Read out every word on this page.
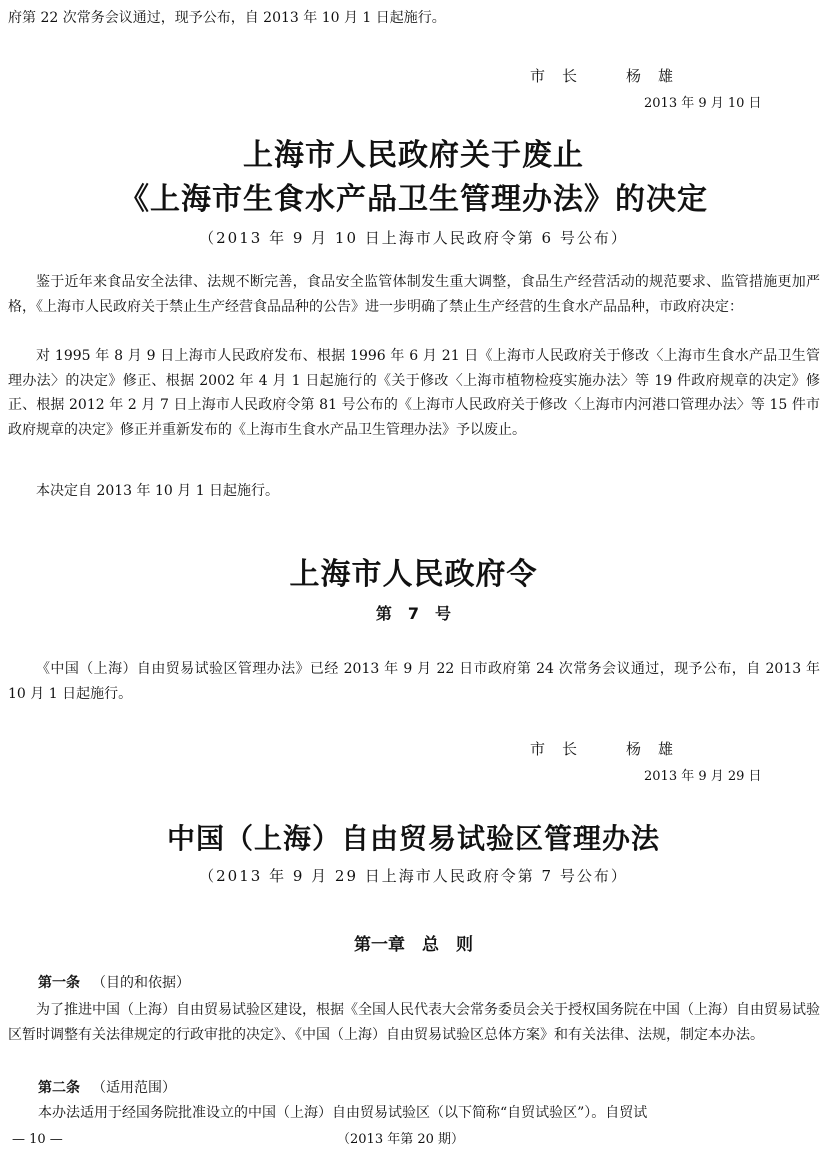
府第 22 次常务会议通过，现予公布，自 2013 年 10 月 1 日起施行。
市　长　　　杨　雄
2013 年 9 月 10 日
上海市人民政府关于废止
《上海市生食水产品卫生管理办法》的决定
（2013 年 9 月 10 日上海市人民政府令第 6 号公布）

鉴于近年来食品安全法律、法规不断完善，食品安全监管体制发生重大调整，食品生产经营活动的规范要求、监管措施更加严格，《上海市人民政府关于禁止生产经营食品品种的公告》进一步明确了禁止生产经营的生食水产品品种，市政府决定：

对 1995 年 8 月 9 日上海市人民政府发布、根据 1996 年 6 月 21 日《上海市人民政府关于修改〈上海市生食水产品卫生管理办法〉的决定》修正、根据 2002 年 4 月 1 日起施行的《关于修改〈上海市植物检疫实施办法〉等 19 件政府规章的决定》修正、根据 2012 年 2 月 7 日上海市人民政府令第 81 号公布的《上海市人民政府关于修改〈上海市内河港口管理办法〉等 15 件市政府规章的决定》修正并重新发布的《上海市生食水产品卫生管理办法》予以废止。

本决定自 2013 年 10 月 1 日起施行。

上海市人民政府令
第　7　号

《中国（上海）自由贸易试验区管理办法》已经 2013 年 9 月 22 日市政府第 24 次常务会议通过，现予公布，自 2013 年 10 月 1 日起施行。

市　长　　　杨　雄
2013 年 9 月 29 日
中国（上海）自由贸易试验区管理办法
（2013 年 9 月 29 日上海市人民政府令第 7 号公布）
第一章　总　则
第一条 （目的和依据）

为了推进中国（上海）自由贸易试验区建设，根据《全国人民代表大会常务委员会关于授权国务院在中国（上海）自由贸易试验区暂时调整有关法律规定的行政审批的决定》、《中国（上海）自由贸易试验区总体方案》和有关法律、法规，制定本办法。

第二条 （适用范围）
本办法适用于经国务院批准设立的中国（上海）自由贸易试验区（以下简称“自贸试验区”）。自贸试
— 10 —	（2013 年第 20 期）
